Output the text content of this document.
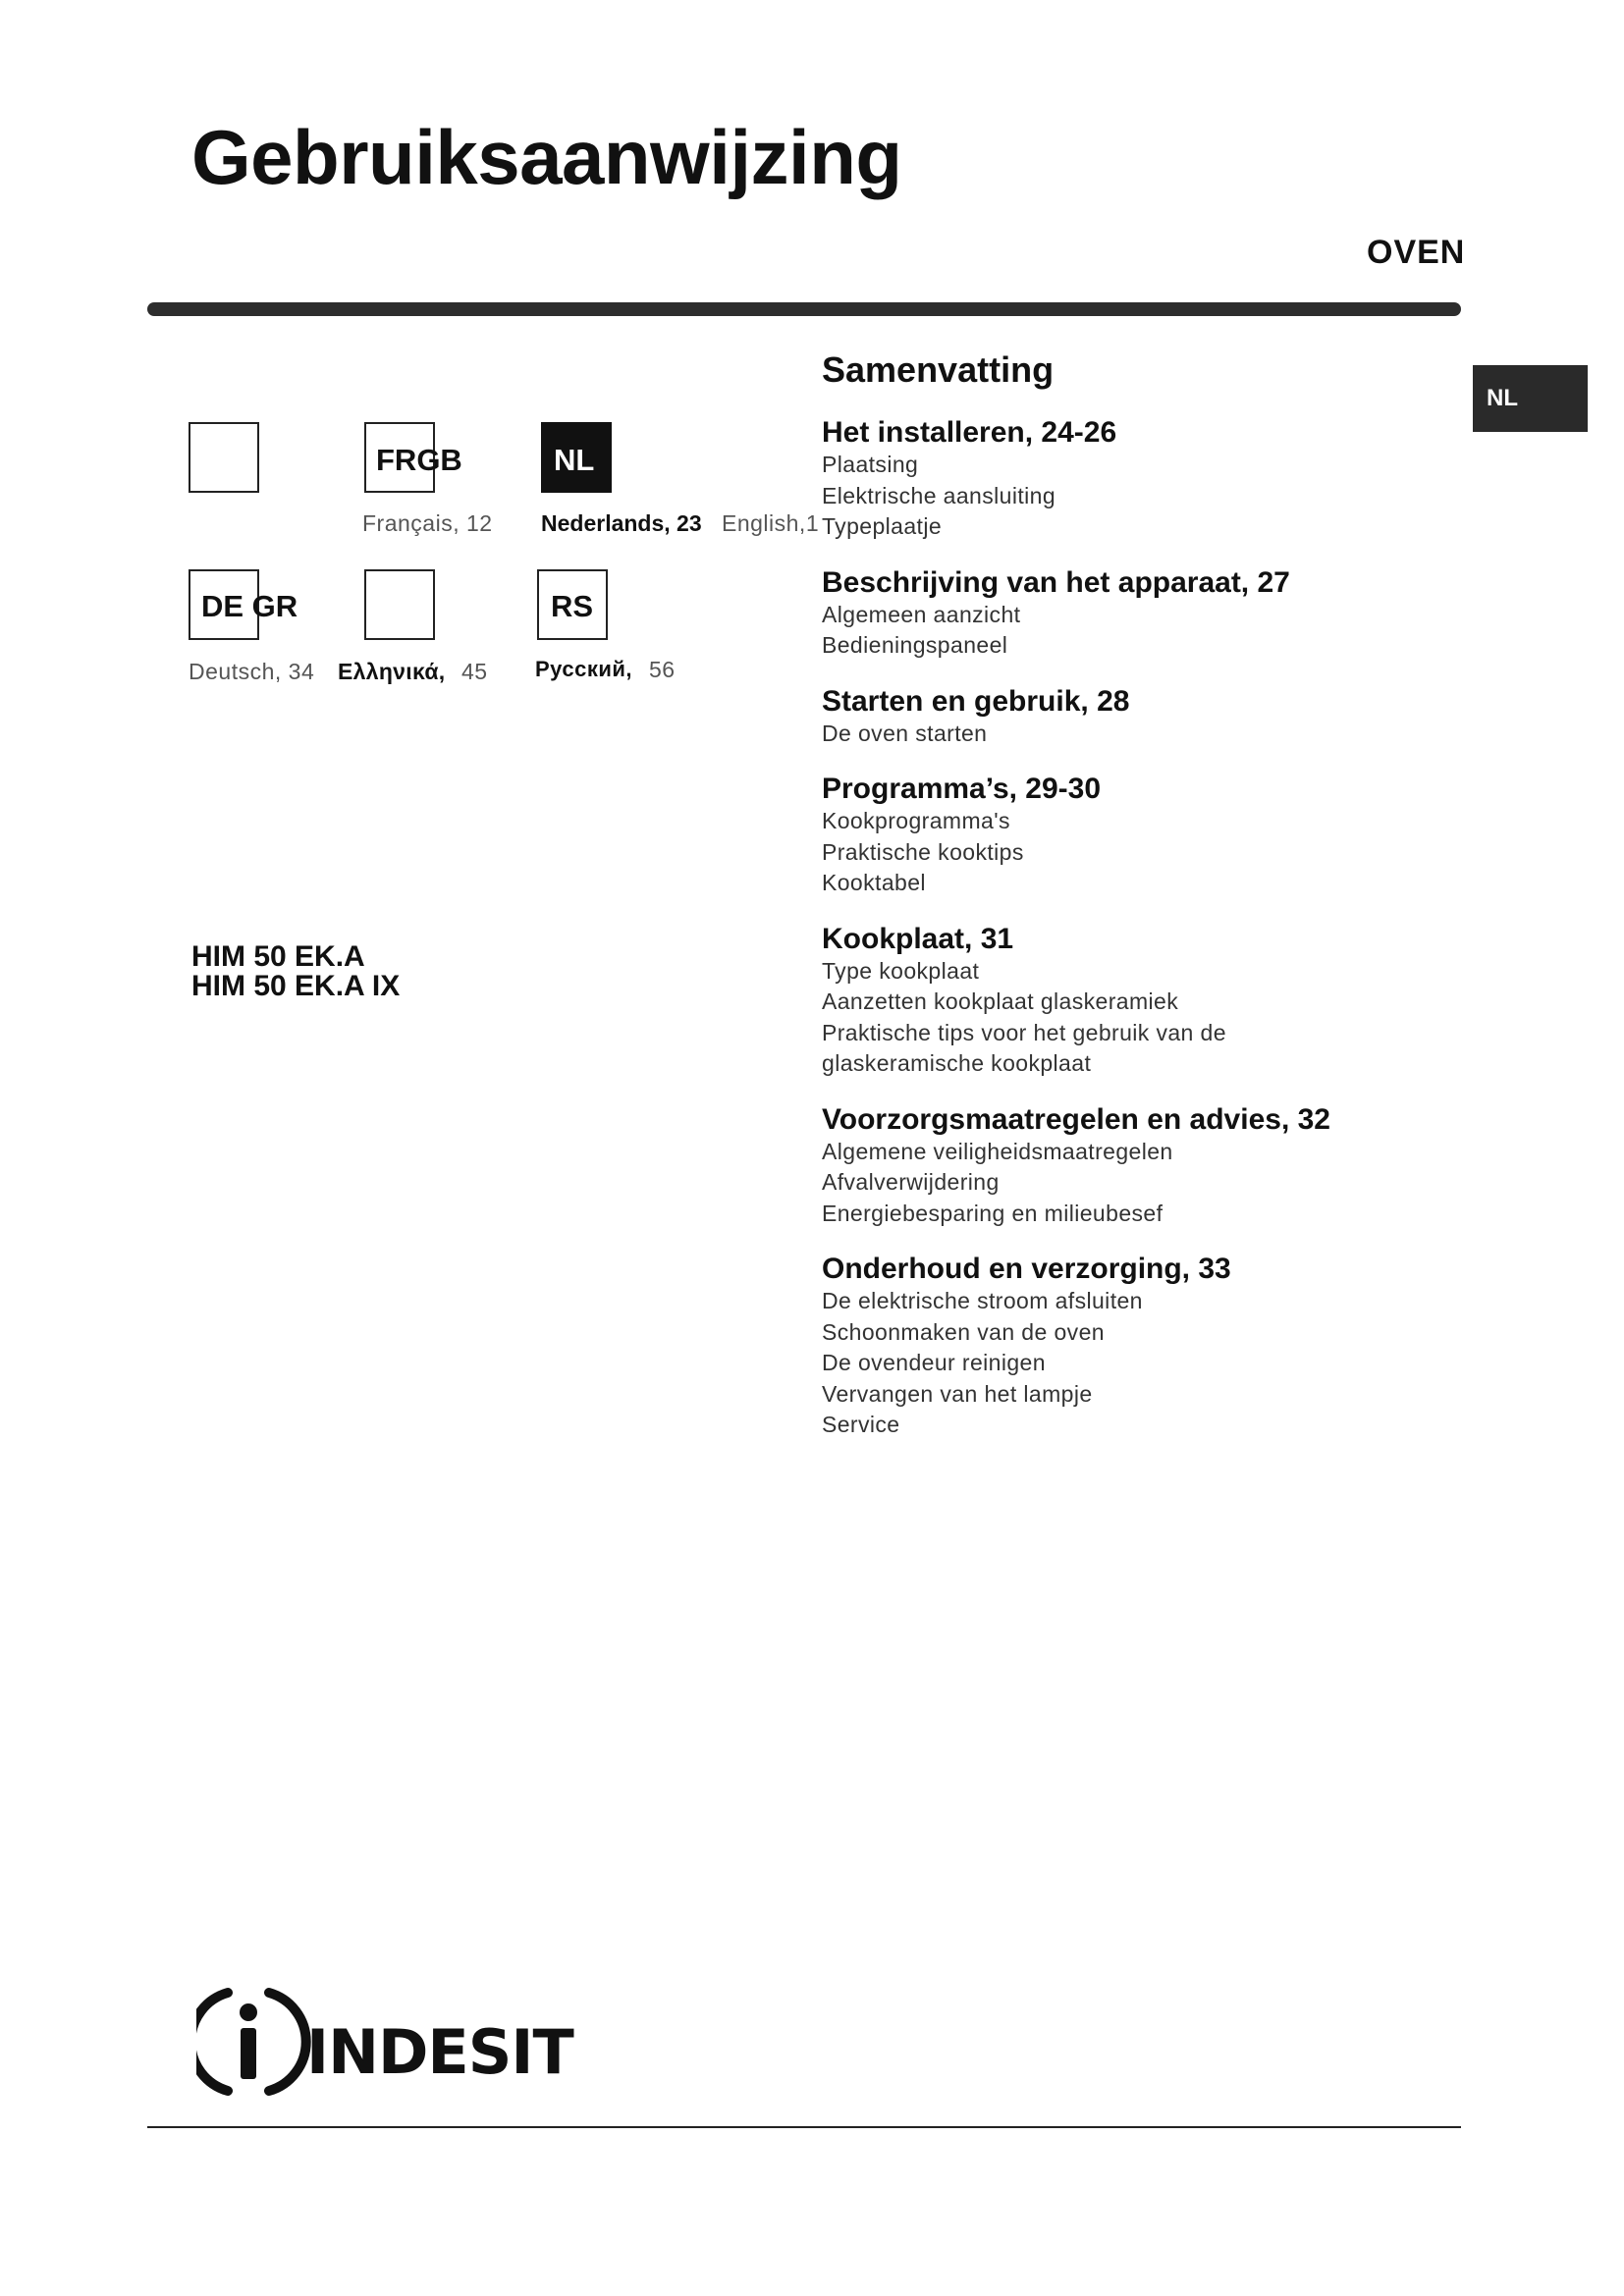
Gebruiksaanwijzing
OVEN
NL
FRGB	NL
Français, 12 Nederlands, 23 English,1
DE GR	RS
Deutsch, 34 Ελληνικά, 45 Русский, 56
HIM 50 EK.A
HIM 50 EK.A IX
Samenvatting
Het installeren, 24-26
Plaatsing
Elektrische aansluiting
Typeplaatje
Beschrijving van het apparaat, 27
Algemeen aanzicht
Bedieningspaneel
Starten en gebruik, 28
De oven starten
Programma’s, 29-30
Kookprogramma's
Praktische kooktips
Kooktabel
Kookplaat, 31
Type kookplaat
Aanzetten kookplaat glaskeramiek
Praktische tips voor het gebruik van de
glaskeramische kookplaat
Voorzorgsmaatregelen en advies, 32
Algemene veiligheidsmaatregelen
Afvalverwijdering
Energiebesparing en milieubesef
Onderhoud en verzorging, 33
De elektrische stroom afsluiten
Schoonmaken van de oven
De ovendeur reinigen
Vervangen van het lampje
Service
INDESIT
